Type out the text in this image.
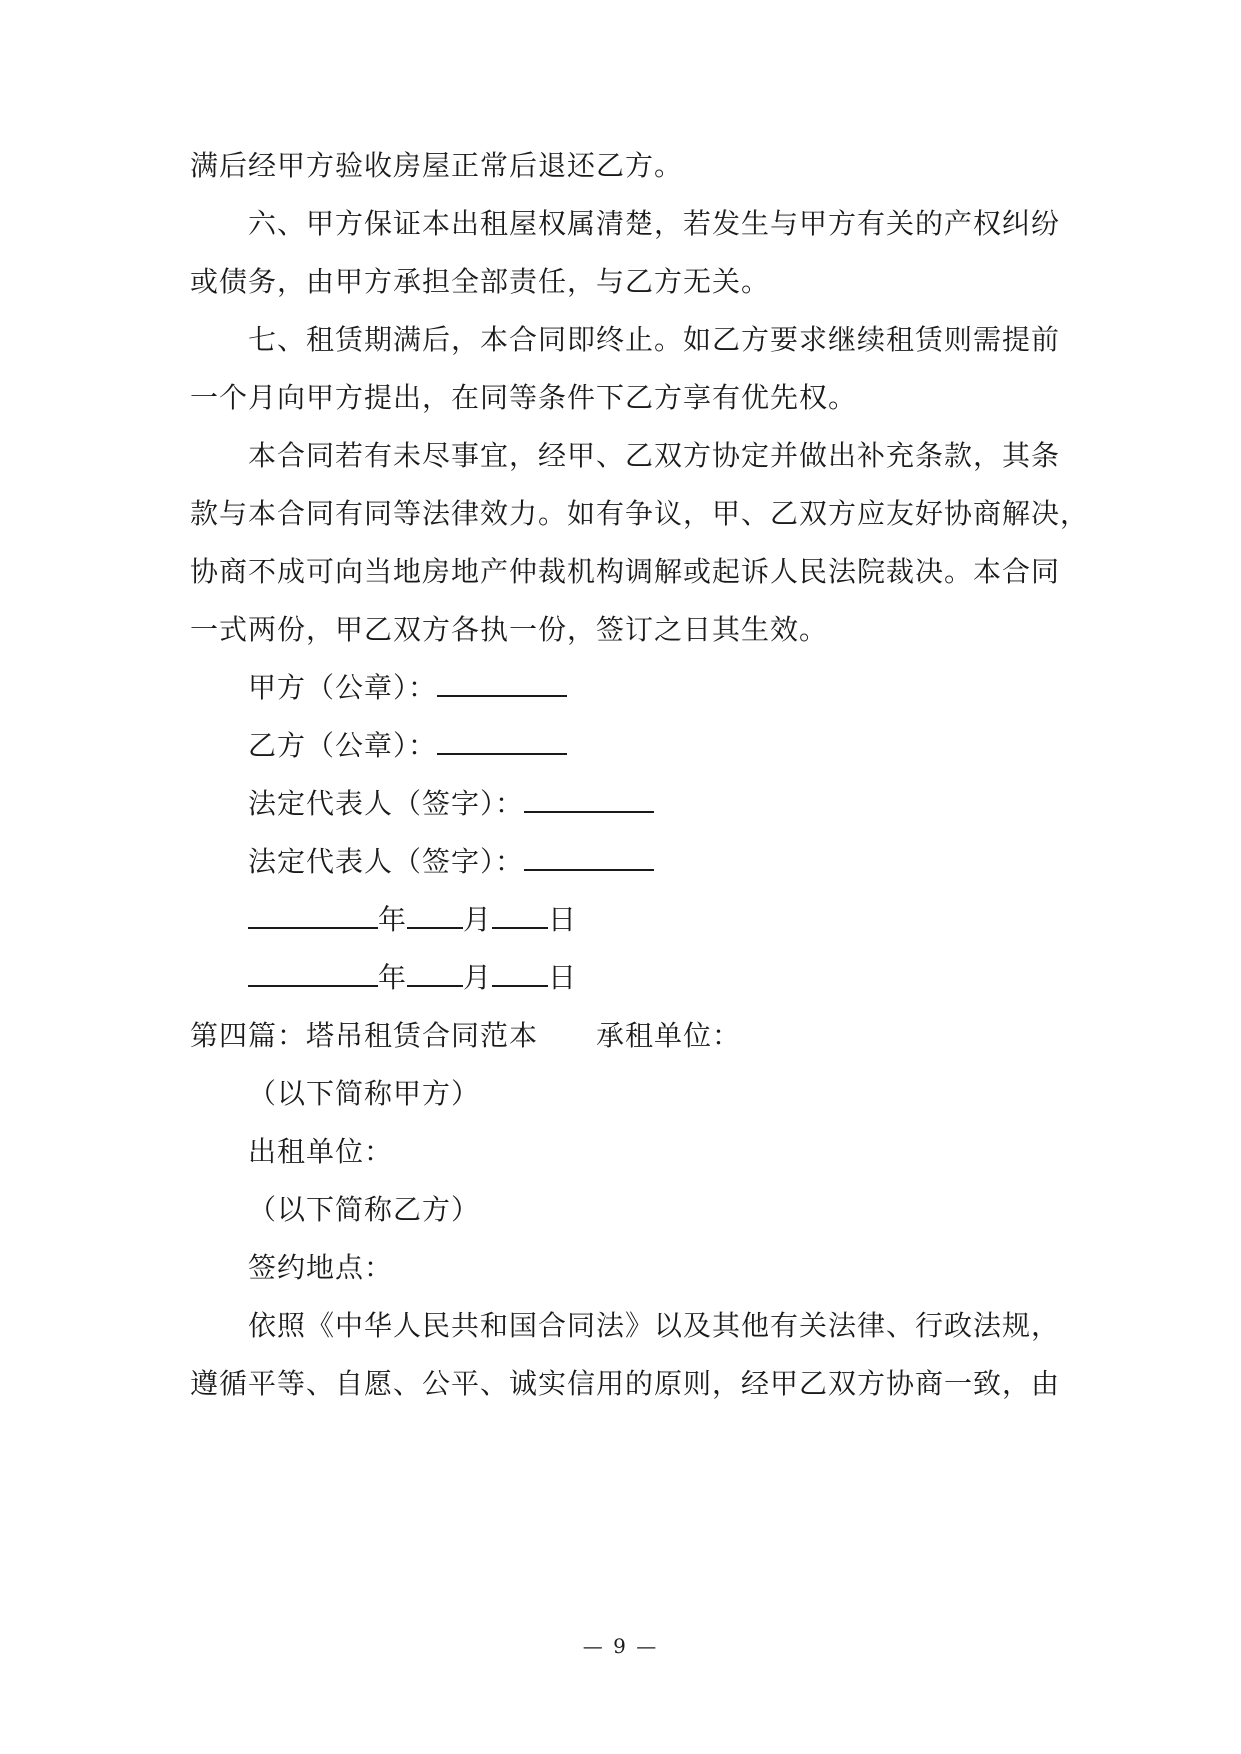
满后经甲方验收房屋正常后退还乙方。
六、甲方保证本出租屋权属清楚，若发生与甲方有关的产权纠纷
或债务，由甲方承担全部责任，与乙方无关。
七、租赁期满后，本合同即终止。如乙方要求继续租赁则需提前
一个月向甲方提出，在同等条件下乙方享有优先权。
本合同若有未尽事宜，经甲、乙双方协定并做出补充条款，其条
款与本合同有同等法律效力。如有争议，甲、乙双方应友好协商解决，
协商不成可向当地房地产仲裁机构调解或起诉人民法院裁决。本合同
一式两份，甲乙双方各执一份，签订之日其生效。
甲方（公章）：
乙方（公章）：
法定代表人（签字）：
法定代表人（签字）：
年 月 日
年 月 日
第四篇：塔吊租赁合同范本 承租单位：
（以下简称甲方）
出租单位：
（以下简称乙方）
签约地点：
依照《中华人民共和国合同法》以及其他有关法律、行政法规，
遵循平等、自愿、公平、诚实信用的原则，经甲乙双方协商一致，由
— 9 —
